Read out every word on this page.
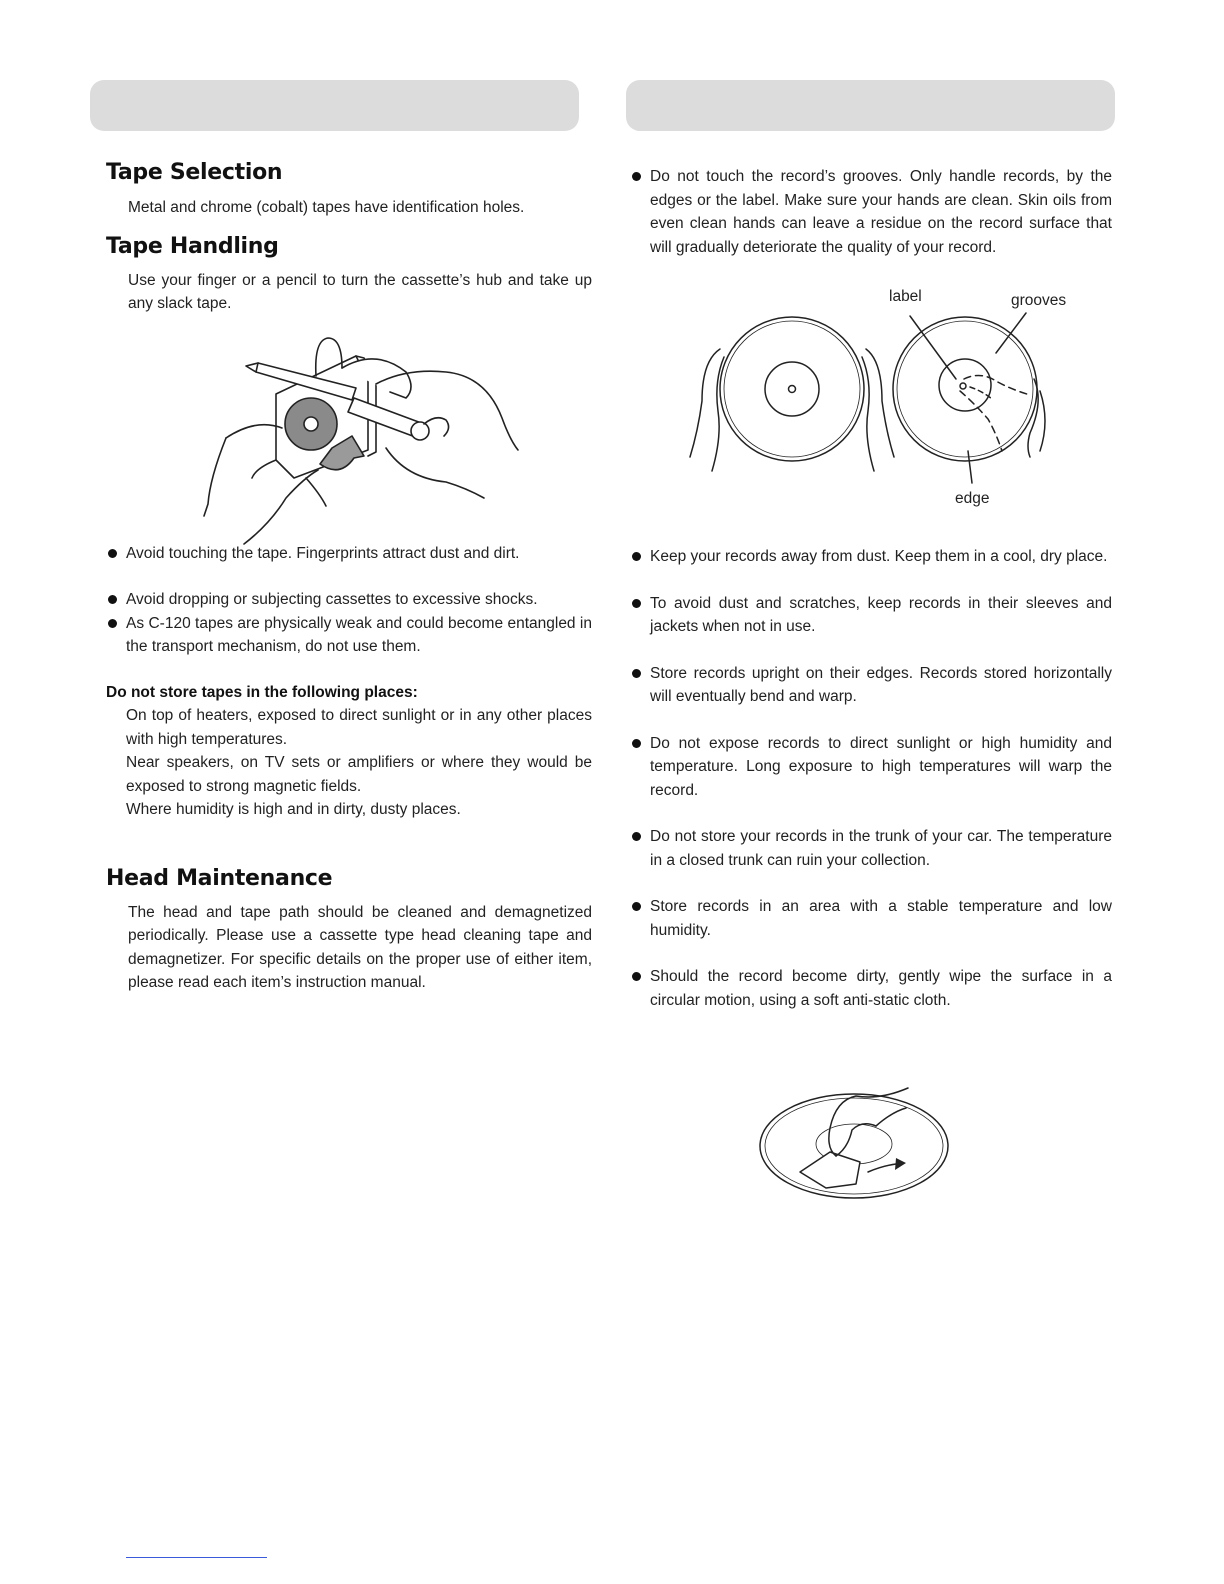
Tape Selection

Metal and chrome (cobalt) tapes have identification holes.

Tape Handling

Use your finger or a pencil to turn the cassette’s hub and take up any slack tape.

Avoid touching the tape. Fingerprints attract dust and dirt.
Avoid dropping or subjecting cassettes to excessive shocks.
As C-120 tapes are physically weak and could become entangled in the transport mechanism, do not use them.
Do not store tapes in the following places:

On top of heaters, exposed to direct sunlight or in any other places with high temperatures.

Near speakers, on TV sets or amplifiers or where they would be exposed to strong magnetic fields.

Where humidity is high and in dirty, dusty places.

Head Maintenance

The head and tape path should be cleaned and demagnetized periodically. Please use a cassette type head cleaning tape and demagnetizer. For specific details on the proper use of either item, please read each item’s instruction manual.

Do not touch the record’s grooves. Only handle records, by the edges or the label. Make sure your hands are clean. Skin oils from even clean hands can leave a residue on the record surface that will gradually deteriorate the quality of your record.
label	grooves
edge
Keep your records away from dust. Keep them in a cool, dry place.
To avoid dust and scratches, keep records in their sleeves and jackets when not in use.
Store records upright on their edges. Records stored horizontally will eventually bend and warp.
Do not expose records to direct sunlight or high humidity and temperature. Long exposure to high temperatures will warp the record.
Do not store your records in the trunk of your car. The temperature in a closed trunk can ruin your collection.
Store records in an area with a stable temperature and low humidity.
Should the record become dirty, gently wipe the surface in a circular motion, using a soft anti-static cloth.
